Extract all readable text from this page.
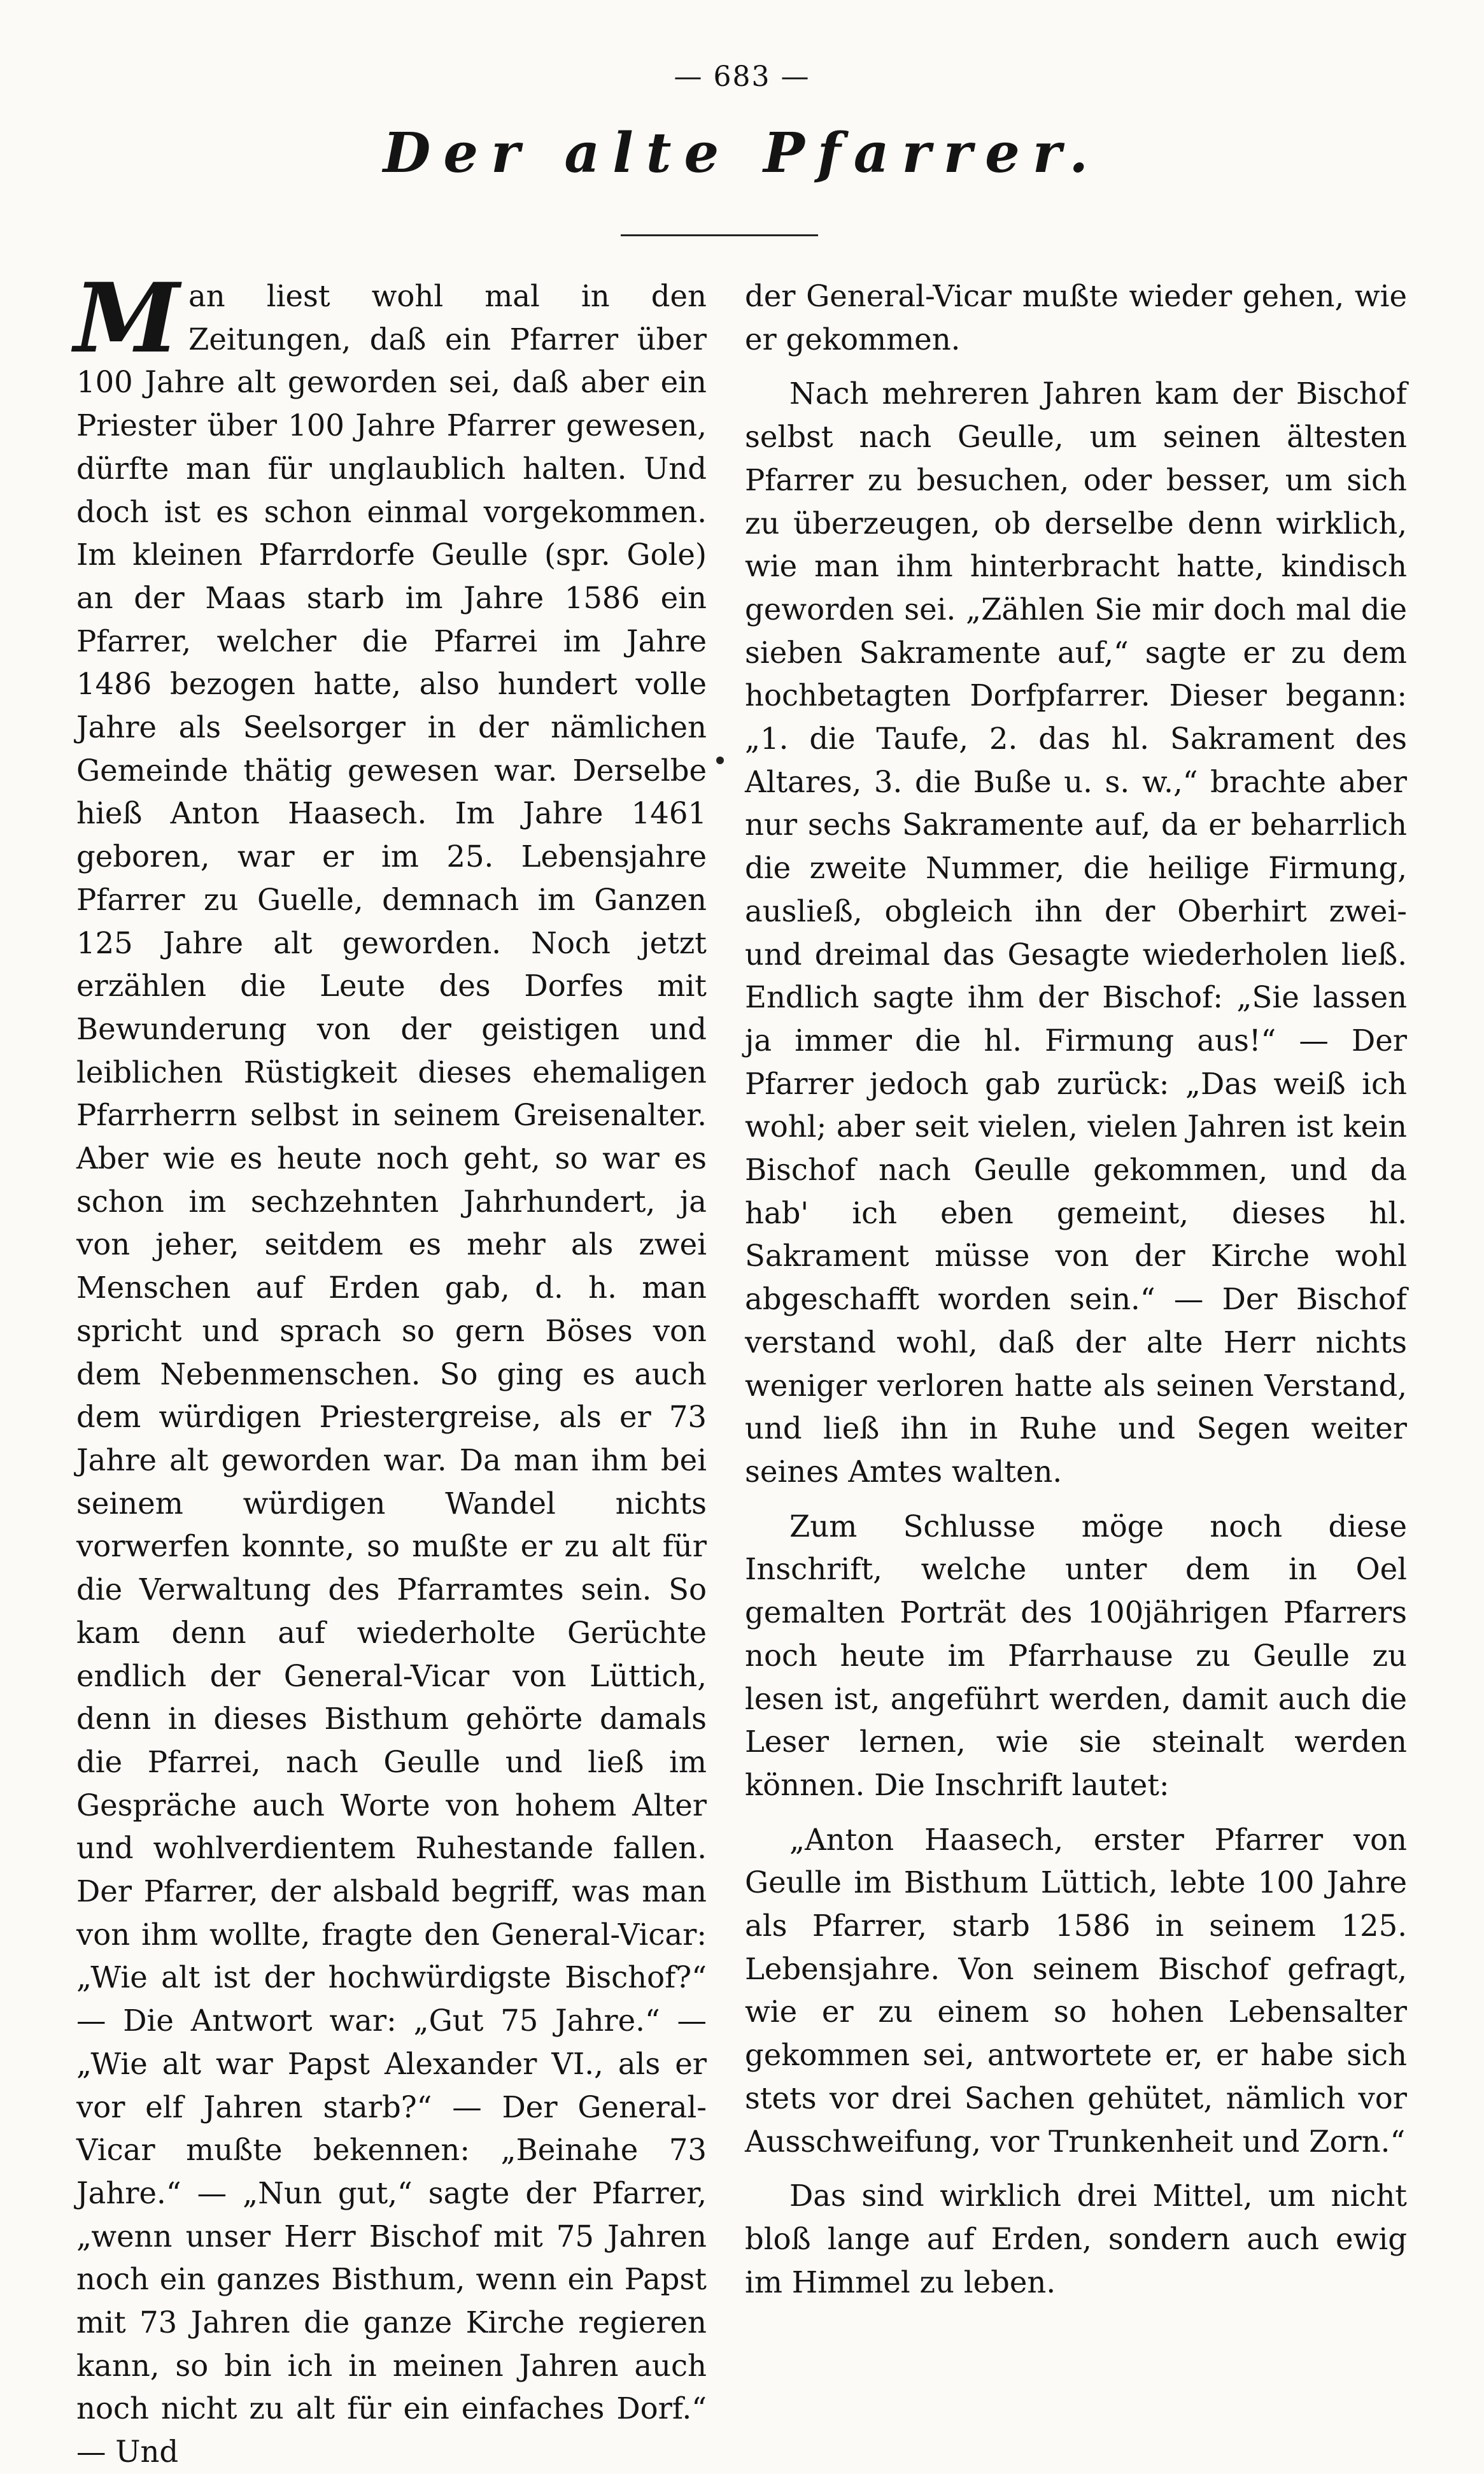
— 683 —
Der alte Pfarrer.

Man liest wohl mal in den Zeitungen, daß ein Pfarrer über 100 Jahre alt geworden sei, daß aber ein Priester über 100 Jahre Pfarrer gewesen, dürfte man für unglaublich halten. Und doch ist es schon einmal vorgekommen. Im kleinen Pfarrdorfe Geulle (spr. Gole) an der Maas starb im Jahre 1586 ein Pfarrer, welcher die Pfarrei im Jahre 1486 bezogen hatte, also hundert volle Jahre als Seelsorger in der nämlichen Gemeinde thätig gewesen war. Derselbe hieß Anton Haasech. Im Jahre 1461 geboren, war er im 25. Lebensjahre Pfarrer zu Guelle, demnach im Ganzen 125 Jahre alt geworden. Noch jetzt erzählen die Leute des Dorfes mit Bewunderung von der geistigen und leiblichen Rüstigkeit dieses ehemaligen Pfarrherrn selbst in seinem Greisenalter. Aber wie es heute noch geht, so war es schon im sechzehnten Jahrhundert, ja von jeher, seitdem es mehr als zwei Menschen auf Erden gab, d. h. man spricht und sprach so gern Böses von dem Nebenmenschen. So ging es auch dem würdigen Priestergreise, als er 73 Jahre alt geworden war. Da man ihm bei seinem würdigen Wandel nichts vorwerfen konnte, so mußte er zu alt für die Verwaltung des Pfarramtes sein. So kam denn auf wiederholte Gerüchte endlich der General-Vicar von Lüttich, denn in dieses Bisthum gehörte damals die Pfarrei, nach Geulle und ließ im Gespräche auch Worte von hohem Alter und wohlverdientem Ruhestande fallen. Der Pfarrer, der alsbald begriff, was man von ihm wollte, fragte den General-Vicar: „Wie alt ist der hochwürdigste Bischof?“ — Die Antwort war: „Gut 75 Jahre.“ — „Wie alt war Papst Alexander VI., als er vor elf Jahren starb?“ — Der General-Vicar mußte bekennen: „Beinahe 73 Jahre.“ — „Nun gut,“ sagte der Pfarrer, „wenn unser Herr Bischof mit 75 Jahren noch ein ganzes Bisthum, wenn ein Papst mit 73 Jahren die ganze Kirche regieren kann, so bin ich in meinen Jahren auch noch nicht zu alt für ein einfaches Dorf.“ — Und

der General-Vicar mußte wieder gehen, wie er gekommen.

Nach mehreren Jahren kam der Bischof selbst nach Geulle, um seinen ältesten Pfarrer zu besuchen, oder besser, um sich zu überzeugen, ob derselbe denn wirklich, wie man ihm hinterbracht hatte, kindisch geworden sei. „Zählen Sie mir doch mal die sieben Sakramente auf,“ sagte er zu dem hochbetagten Dorfpfarrer. Dieser begann: „1. die Taufe, 2. das hl. Sakrament des Altares, 3. die Buße u. s. w.,“ brachte aber nur sechs Sakramente auf, da er beharrlich die zweite Nummer, die heilige Firmung, ausließ, obgleich ihn der Oberhirt zwei- und dreimal das Gesagte wiederholen ließ. Endlich sagte ihm der Bischof: „Sie lassen ja immer die hl. Firmung aus!“ — Der Pfarrer jedoch gab zurück: „Das weiß ich wohl; aber seit vielen, vielen Jahren ist kein Bischof nach Geulle gekommen, und da hab' ich eben gemeint, dieses hl. Sakrament müsse von der Kirche wohl abgeschafft worden sein.“ — Der Bischof verstand wohl, daß der alte Herr nichts weniger verloren hatte als seinen Verstand, und ließ ihn in Ruhe und Segen weiter seines Amtes walten.

Zum Schlusse möge noch diese Inschrift, welche unter dem in Oel gemalten Porträt des 100jährigen Pfarrers noch heute im Pfarrhause zu Geulle zu lesen ist, angeführt werden, damit auch die Leser lernen, wie sie steinalt werden können. Die Inschrift lautet:

„Anton Haasech, erster Pfarrer von Geulle im Bisthum Lüttich, lebte 100 Jahre als Pfarrer, starb 1586 in seinem 125. Lebensjahre. Von seinem Bischof gefragt, wie er zu einem so hohen Lebensalter gekommen sei, antwortete er, er habe sich stets vor drei Sachen gehütet, nämlich vor Ausschweifung, vor Trunkenheit und Zorn.“

Das sind wirklich drei Mittel, um nicht bloß lange auf Erden, sondern auch ewig im Himmel zu leben.
